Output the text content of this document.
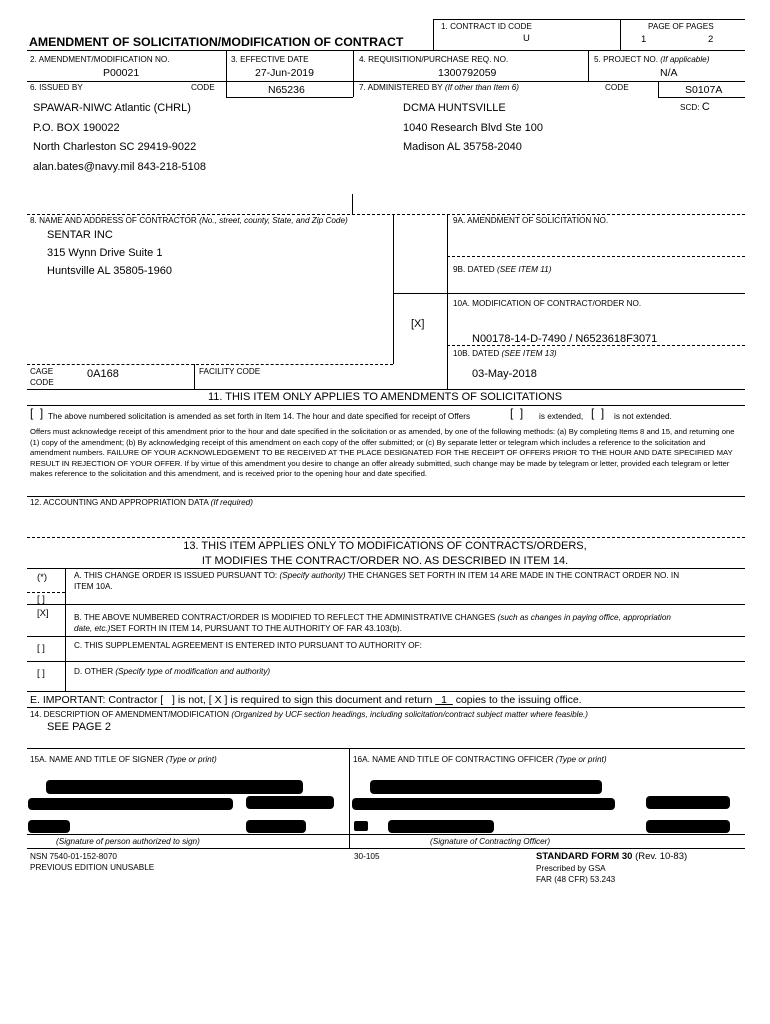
1. CONTRACT ID CODE
U
PAGE OF PAGES
1	2
AMENDMENT OF SOLICITATION/MODIFICATION OF CONTRACT
2. AMENDMENT/MODIFICATION NO.
P00021
3. EFFECTIVE DATE
27-Jun-2019
4. REQUISITION/PURCHASE REQ. NO.
1300792059
5. PROJECT NO. (If applicable)
N/A
6. ISSUED BY	CODE	N65236	7. ADMINISTERED BY (If other than Item 6)	CODE	S0107A
SCD: C
SPAWAR-NIWC Atlantic (CHRL)
P.O. BOX 190022
North Charleston SC 29419-9022
alan.bates@navy.mil 843-218-5108
DCMA HUNTSVILLE
1040 Research Blvd Ste 100
Madison AL 35758-2040
8. NAME AND ADDRESS OF CONTRACTOR (No., street, county, State, and Zip Code)
SENTAR INC
315 Wynn Drive Suite 1
Huntsville AL 35805-1960
9A. AMENDMENT OF SOLICITATION NO.
9B. DATED (SEE ITEM 11)
10A. MODIFICATION OF CONTRACT/ORDER NO.
[X]
N00178-14-D-7490 / N6523618F3071
10B. DATED (SEE ITEM 13)
03-May-2018
CAGE
CODE
0A168	FACILITY CODE
11. THIS ITEM ONLY APPLIES TO AMENDMENTS OF SOLICITATIONS
[  ] The above numbered solicitation is amended as set forth in Item 14. The hour and date specified for receipt of Offers	[  ] is extended, [  ] is not extended.
Offers must acknowledge receipt of this amendment prior to the hour and date specified in the solicitation or as amended, by one of the following methods: (a) By completing Items 8 and 15, and returning one (1) copy of the amendment; (b) By acknowledging receipt of this amendment on each copy of the offer submitted; or (c) By separate letter or telegram which includes a reference to the solicitation and amendment numbers. FAILURE OF YOUR ACKNOWLEDGEMENT TO BE RECEIVED AT THE PLACE DESIGNATED FOR THE RECEIPT OF OFFERS PRIOR TO THE HOUR AND DATE SPECIFIED MAY RESULT IN REJECTION OF YOUR OFFER. If by virtue of this amendment you desire to change an offer already submitted, such change may be made by telegram or letter, provided each telegram or letter makes reference to the solicitation and this amendment, and is received prior to the opening hour and date specified.
12. ACCOUNTING AND APPROPRIATION DATA (If required)
13. THIS ITEM APPLIES ONLY TO MODIFICATIONS OF CONTRACTS/ORDERS,
IT MODIFIES THE CONTRACT/ORDER NO. AS DESCRIBED IN ITEM 14.
(*)	A. THIS CHANGE ORDER IS ISSUED PURSUANT TO: (Specify authority) THE CHANGES SET FORTH IN ITEM 14 ARE MADE IN THE CONTRACT ORDER NO. IN
ITEM 10A.
[ ]
[X]	B. THE ABOVE NUMBERED CONTRACT/ORDER IS MODIFIED TO REFLECT THE ADMINISTRATIVE CHANGES (such as changes in paying office, appropriation
date, etc.)SET FORTH IN ITEM 14, PURSUANT TO THE AUTHORITY OF FAR 43.103(b).
[ ]	C. THIS SUPPLEMENTAL AGREEMENT IS ENTERED INTO PURSUANT TO AUTHORITY OF:
[ ]	D. OTHER (Specify type of modification and authority)
E. IMPORTANT: Contractor [   ] is not, [ X ] is required to sign this document and return 1 copies to the issuing office.
14. DESCRIPTION OF AMENDMENT/MODIFICATION (Organized by UCF section headings, including solicitation/contract subject matter where feasible.)
SEE PAGE 2
15A. NAME AND TITLE OF SIGNER (Type or print)	16A. NAME AND TITLE OF CONTRACTING OFFICER (Type or print)
(Signature of person authorized to sign)	(Signature of Contracting Officer)
NSN 7540-01-152-8070
PREVIOUS EDITION UNUSABLE
30-105	STANDARD FORM 30 (Rev. 10-83)
Prescribed by GSA
FAR (48 CFR) 53.243
